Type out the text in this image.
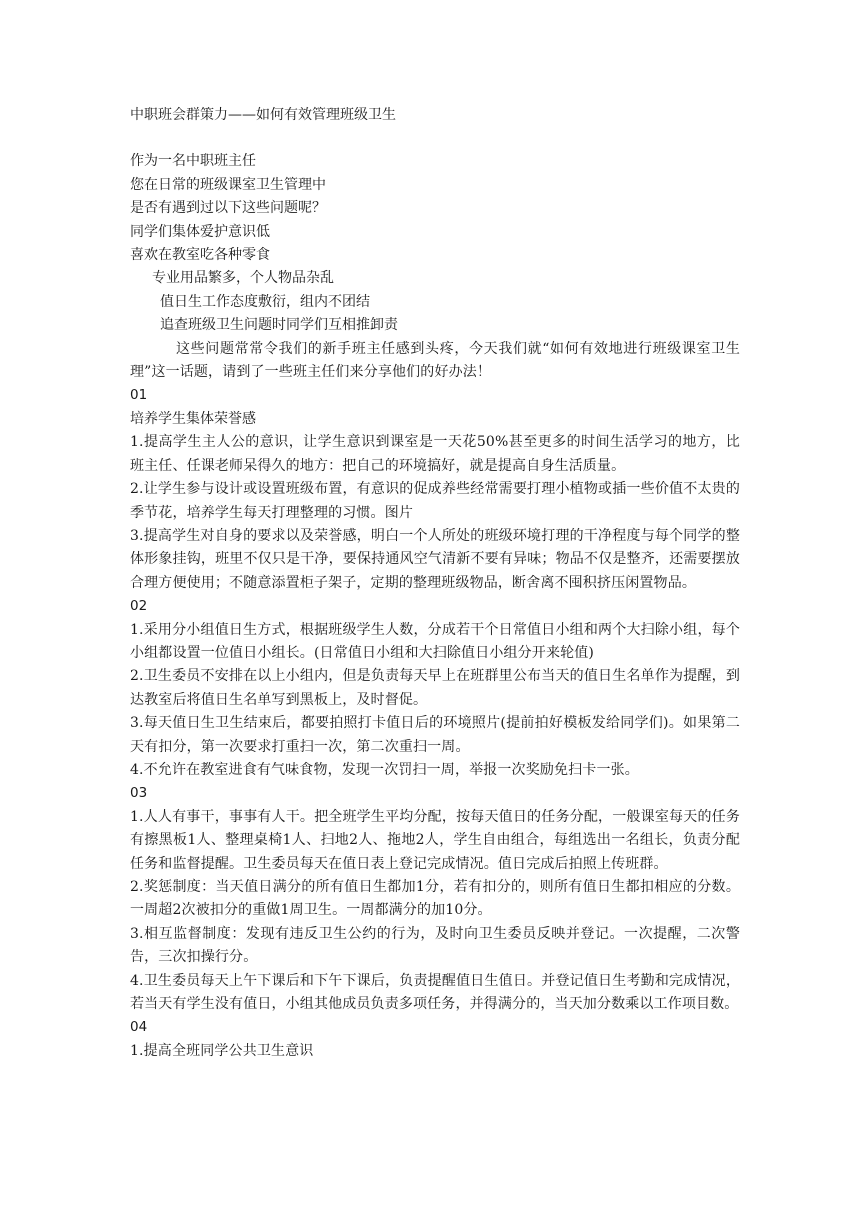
中职班会群策力——如何有效管理班级卫生
作为一名中职班主任
您在日常的班级课室卫生管理中
是否有遇到过以下这些问题呢？
同学们集体爱护意识低
喜欢在教室吃各种零食
专业用品繁多，个人物品杂乱
值日生工作态度敷衍，组内不团结
追查班级卫生问题时同学们互相推卸责
这些问题常常令我们的新手班主任感到头疼，今天我们就“如何有效地进行班级课室卫生理”这一话题，请到了一些班主任们来分享他们的好办法！
01
培养学生集体荣誉感
1.提高学生主人公的意识，让学生意识到课室是一天花50%甚至更多的时间生活学习的地方，比班主任、任课老师呆得久的地方：把自己的环境搞好，就是提高自身生活质量。
2.让学生参与设计或设置班级布置，有意识的促成养些经常需要打理小植物或插一些价值不太贵的季节花，培养学生每天打理整理的习惯。图片
3.提高学生对自身的要求以及荣誉感，明白一个人所处的班级环境打理的干净程度与每个同学的整体形象挂钩，班里不仅只是干净，要保持通风空气清新不要有异味；物品不仅是整齐，还需要摆放合理方便使用；不随意添置柜子架子，定期的整理班级物品，断舍离不囤积挤压闲置物品。
02
1.采用分小组值日生方式，根据班级学生人数，分成若干个日常值日小组和两个大扫除小组，每个小组都设置一位值日小组长。(日常值日小组和大扫除值日小组分开来轮值)
2.卫生委员不安排在以上小组内，但是负责每天早上在班群里公布当天的值日生名单作为提醒，到达教室后将值日生名单写到黑板上，及时督促。
3.每天值日生卫生结束后，都要拍照打卡值日后的环境照片(提前拍好模板发给同学们)。如果第二天有扣分，第一次要求打重扫一次，第二次重扫一周。
4.不允许在教室进食有气味食物，发现一次罚扫一周，举报一次奖励免扫卡一张。
03
1.人人有事干，事事有人干。把全班学生平均分配，按每天值日的任务分配，一般课室每天的任务有擦黑板1人、整理桌椅1人、扫地2人、拖地2人，学生自由组合，每组选出一名组长，负责分配任务和监督提醒。卫生委员每天在值日表上登记完成情况。值日完成后拍照上传班群。
2.奖惩制度：当天值日满分的所有值日生都加1分，若有扣分的，则所有值日生都扣相应的分数。一周超2次被扣分的重做1周卫生。一周都满分的加10分。
3.相互监督制度：发现有违反卫生公约的行为，及时向卫生委员反映并登记。一次提醒，二次警告，三次扣操行分。
4.卫生委员每天上午下课后和下午下课后，负责提醒值日生值日。并登记值日生考勤和完成情况，若当天有学生没有值日，小组其他成员负责多项任务，并得满分的，当天加分数乘以工作项目数。
04
1.提高全班同学公共卫生意识
